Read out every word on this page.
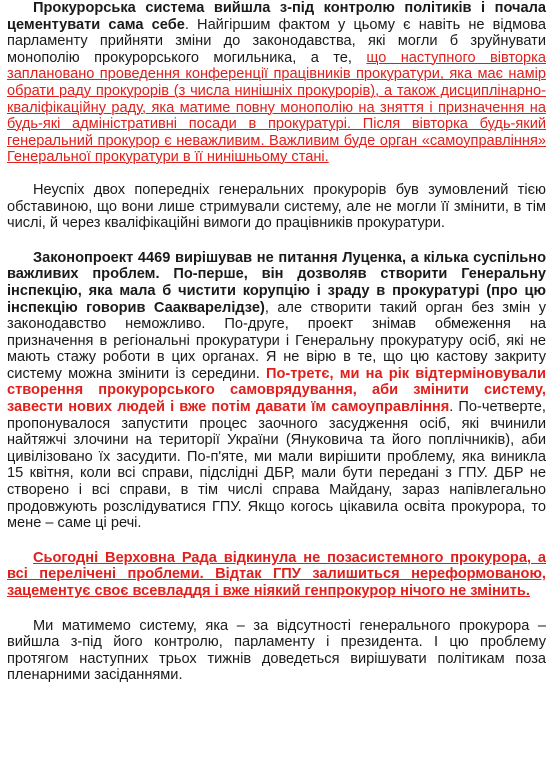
Прокурорська система вийшла з-під контролю політиків і почала цементувати сама себе. Найгіршим фактом у цьому є навіть не відмова парламенту прийняти зміни до законодавства, які могли б зруйнувати монополію прокурорського могильника, а те, що наступного вівторка заплановано проведення конференції працівників прокуратури, яка має намір обрати раду прокурорів (з числа нинішніх прокурорів), а також дисциплінарно-кваліфікаційну раду, яка матиме повну монополію на зняття і призначення на будь-які адміністративні посади в прокуратурі. Після вівторка будь-який генеральний прокурор є неважливим. Важливим буде орган «самоуправління» Генеральної прокуратури в її нинішньому стані.

Неуспіх двох попередніх генеральних прокурорів був зумовлений тією обставиною, що вони лише стримували систему, але не могли її змінити, в тім числі, й через кваліфікаційні вимоги до працівників прокуратури.

Законопроект 4469 вирішував не питання Луценка, а кілька суспільно важливих проблем. По-перше, він дозволяв створити Генеральну інспекцію, яка мала б чистити корупцію і зраду в прокуратурі (про цю інспекцію говорив Саакварелідзе), але створити такий орган без змін у законодавство неможливо. По-друге, проект знімав обмеження на призначення в регіональні прокуратури і Генеральну прокуратуру осіб, які не мають стажу роботи в цих органах. Я не вірю в те, що цю кастову закриту систему можна змінити із середини. По-третє, ми на рік відтерміновували створення прокурорського самоврядування, аби змінити систему, завести нових людей і вже потім давати їм самоуправління. По-четверте, пропонувалося запустити процес заочного засудження осіб, які вчинили найтяжчі злочини на території України (Януковича та його поплічників), аби цивілізовано їх засудити. По-п'яте, ми мали вирішити проблему, яка виникла 15 квітня, коли всі справи, підслідні ДБР, мали бути передані з ГПУ. ДБР не створено і всі справи, в тім числі справа Майдану, зараз напівлегально продовжують розслідуватися ГПУ. Якщо когось цікавила освіта прокурора, то мене – саме ці речі.

Сьогодні Верховна Рада відкинула не позасистемного прокурора, а всі перелічені проблеми. Відтак ГПУ залишиться нереформованою, зацементує своє всевладдя і вже ніякий генпрокурор нічого не змінить.

Ми матимемо систему, яка – за відсутності генерального прокурора – вийшла з-під його контролю, парламенту і президента. І цю проблему протягом наступних трьох тижнів доведеться вирішувати політикам поза пленарними засіданнями.
